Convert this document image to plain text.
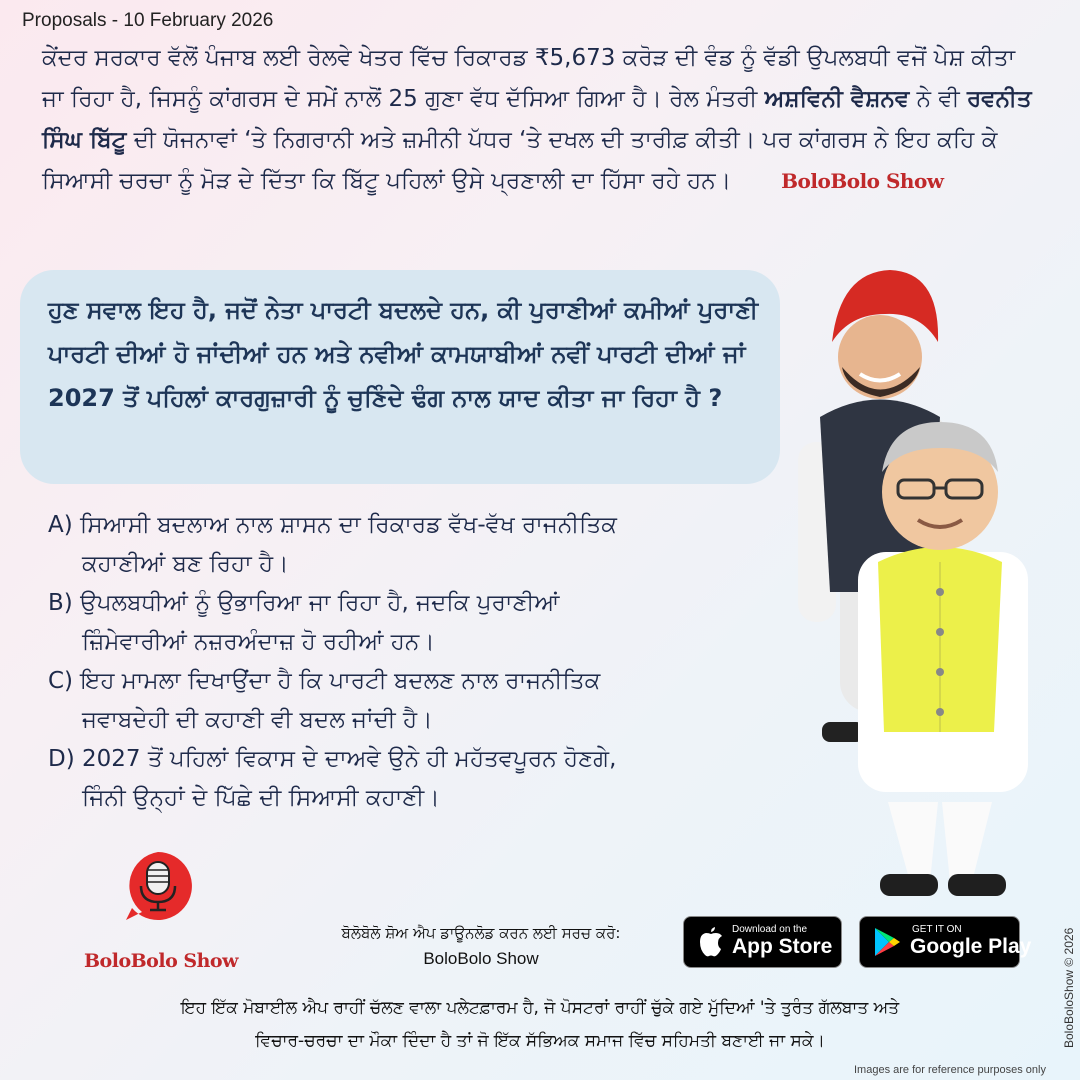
Proposals - 10 February 2026
ਕੇਂਦਰ ਸਰਕਾਰ ਵੱਲੋਂ ਪੰਜਾਬ ਲਈ ਰੇਲਵੇ ਖੇਤਰ ਵਿੱਚ ਰਿਕਾਰਡ ₹5,673 ਕਰੋੜ ਦੀ ਵੰਡ ਨੂੰ ਵੱਡੀ ਉਪਲਬਧੀ ਵਜੋਂ ਪੇਸ਼ ਕੀਤਾ ਜਾ ਰਿਹਾ ਹੈ, ਜਿਸਨੂੰ ਕਾਂਗਰਸ ਦੇ ਸਮੇਂ ਨਾਲੋਂ 25 ਗੁਣਾ ਵੱਧ ਦੱਸਿਆ ਗਿਆ ਹੈ। ਰੇਲ ਮੰਤਰੀ ਅਸ਼ਵਿਨੀ ਵੈਸ਼ਨਵ ਨੇ ਵੀ ਰਵਨੀਤ ਸਿੰਘ ਬਿੱਟੂ ਦੀ ਯੋਜਨਾਵਾਂ ‘ਤੇ ਨਿਗਰਾਨੀ ਅਤੇ ਜ਼ਮੀਨੀ ਪੱਧਰ ‘ਤੇ ਦਖਲ ਦੀ ਤਾਰੀਫ਼ ਕੀਤੀ। ਪਰ ਕਾਂਗਰਸ ਨੇ ਇਹ ਕਹਿ ਕੇ ਸਿਆਸੀ ਚਰਚਾ ਨੂੰ ਮੋੜ ਦੇ ਦਿੱਤਾ ਕਿ ਬਿੱਟੂ ਪਹਿਲਾਂ ਉਸੇ ਪ੍ਰਣਾਲੀ ਦਾ ਹਿੱਸਾ ਰਹੇ ਹਨ।	BoloBolo Show
ਹੁਣ ਸਵਾਲ ਇਹ ਹੈ, ਜਦੋਂ ਨੇਤਾ ਪਾਰਟੀ ਬਦਲਦੇ ਹਨ, ਕੀ ਪੁਰਾਣੀਆਂ ਕਮੀਆਂ ਪੁਰਾਣੀ ਪਾਰਟੀ ਦੀਆਂ ਹੋ ਜਾਂਦੀਆਂ ਹਨ ਅਤੇ ਨਵੀਆਂ ਕਾਮਯਾਬੀਆਂ ਨਵੀਂ ਪਾਰਟੀ ਦੀਆਂ ਜਾਂ 2027 ਤੋਂ ਪਹਿਲਾਂ ਕਾਰਗੁਜ਼ਾਰੀ ਨੂੰ ਚੁਣਿੰਦੇ ਢੰਗ ਨਾਲ ਯਾਦ ਕੀਤਾ ਜਾ ਰਿਹਾ ਹੈ ?
A) ਸਿਆਸੀ ਬਦਲਾਅ ਨਾਲ ਸ਼ਾਸਨ ਦਾ ਰਿਕਾਰਡ ਵੱਖ-ਵੱਖ ਰਾਜਨੀਤਿਕ
ਕਹਾਣੀਆਂ ਬਣ ਰਿਹਾ ਹੈ।
B) ਉਪਲਬਧੀਆਂ ਨੂੰ ਉਭਾਰਿਆ ਜਾ ਰਿਹਾ ਹੈ, ਜਦਕਿ ਪੁਰਾਣੀਆਂ
ਜ਼ਿੰਮੇਵਾਰੀਆਂ ਨਜ਼ਰਅੰਦਾਜ਼ ਹੋ ਰਹੀਆਂ ਹਨ।
C) ਇਹ ਮਾਮਲਾ ਦਿਖਾਉਂਦਾ ਹੈ ਕਿ ਪਾਰਟੀ ਬਦਲਣ ਨਾਲ ਰਾਜਨੀਤਿਕ
ਜਵਾਬਦੇਹੀ ਦੀ ਕਹਾਣੀ ਵੀ ਬਦਲ ਜਾਂਦੀ ਹੈ।
D) 2027 ਤੋਂ ਪਹਿਲਾਂ ਵਿਕਾਸ ਦੇ ਦਾਅਵੇ ਉਨੇ ਹੀ ਮਹੱਤਵਪੂਰਨ ਹੋਣਗੇ,
ਜਿੰਨੀ ਉਨ੍ਹਾਂ ਦੇ ਪਿੱਛੇ ਦੀ ਸਿਆਸੀ ਕਹਾਣੀ।
BoloBolo Show
ਬੋਲੋਬੋਲੋ ਸ਼ੋਅ ਐਪ ਡਾਊਨਲੋਡ ਕਰਨ ਲਈ ਸਰਚ ਕਰੋ:
BoloBolo Show
Download on the
App Store
GET IT ON
Google Play
ਇਹ ਇੱਕ ਮੋਬਾਈਲ ਐਪ ਰਾਹੀਂ ਚੱਲਣ ਵਾਲਾ ਪਲੇਟਫ਼ਾਰਮ ਹੈ, ਜੋ ਪੋਸਟਰਾਂ ਰਾਹੀਂ ਚੁੱਕੇ ਗਏ ਮੁੱਦਿਆਂ 'ਤੇ ਤੁਰੰਤ ਗੱਲਬਾਤ ਅਤੇ
ਵਿਚਾਰ-ਚਰਚਾ ਦਾ ਮੌਕਾ ਦਿੰਦਾ ਹੈ ਤਾਂ ਜੋ ਇੱਕ ਸੱਭਿਅਕ ਸਮਾਜ ਵਿੱਚ ਸਹਿਮਤੀ ਬਣਾਈ ਜਾ ਸਕੇ।	BoloBoloShow © 2026
Images are for reference purposes only
